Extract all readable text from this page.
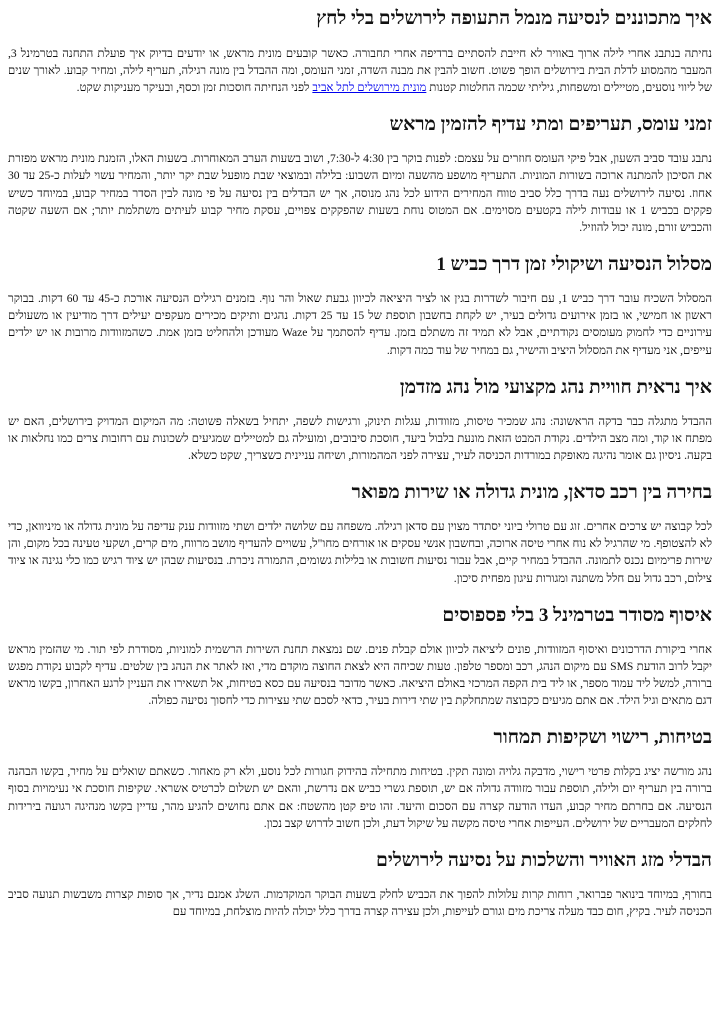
איך מתכוננים לנסיעה מנמל התעופה לירושלים בלי לחץ

נחיתה בנתבג אחרי לילה ארוך באוויר לא חייבת להסתיים ברדיפה אחרי תחבורה. כאשר קובעים מונית מראש, או יודעים בדיוק איך פועלת התחנה בטרמינל 3, המעבר מהמסוע לדלת הבית בירושלים הופך פשוט. חשוב להבין את מבנה השדה, זמני העומס, ומה ההבדל בין מונה רגילה, תעריף לילה, ומחיר קבוע. לאורך שנים של ליווי נוסעים, מטיילים ומשפחות, גיליתי שכמה החלטות קטנות מונית מירושלים לתל אביב לפני הנחיתה חוסכות זמן וכסף, ובעיקר מעניקות שקט.

זמני עומס, תעריפים ומתי עדיף להזמין מראש

נתבג עובד סביב השעון, אבל פיקי העומס חוזרים על עצמם: לפנות בוקר בין 4:30 ל-7:30, ושוב בשעות הערב המאוחרות. בשעות האלו, הזמנת מונית מראש מפזרת את הסיכון להמתנה ארוכה בשורות המוניות. התעריף מושפע מהשעה ומיום השבוע: בלילה ובמוצאי שבת מופעל שבת יקר יותר, והמחיר עשוי לעלות כ-25 עד 30 אחוז. נסיעה לירושלים נעה בדרך כלל סביב טווח המחירים הידוע לכל נהג מנוסה, אך יש הבדלים בין נסיעה על פי מונה לבין הסדר במחיר קבוע, במיוחד כשיש פקקים בכביש 1 או עבודות לילה בקטעים מסוימים. אם המטוס נוחת בשעות שהפקקים צפויים, עסקת מחיר קבוע לעיתים משתלמת יותר; אם השעה שקטה והכביש זורם, מונה יכול להוזיל.

מסלול הנסיעה ושיקולי זמן דרך כביש 1

המסלול השכיח עובר דרך כביש 1, עם חיבור לשדרות בגין או לציר היציאה לכיוון גבעת שאול והר נוף. בזמנים רגילים הנסיעה אורכת כ-45 עד 60 דקות. בבוקר ראשון או חמישי, או בזמן אירועים גדולים בעיר, יש לקחת בחשבון תוספת של 15 עד 25 דקות. נהגים ותיקים מכירים מעקפים יעילים דרך מודיעין או משעולים עירוניים כדי לחמוק מעומסים נקודתיים, אבל לא תמיד זה משתלם בזמן. עדיף להסתמך על Waze מעודכן ולהחליט בזמן אמת. כשהמזוודות מרובות או יש ילדים עייפים, אני מעדיף את המסלול היציב והישיר, גם במחיר של עוד כמה דקות.

איך נראית חוויית נהג מקצועי מול נהג מזדמן

ההבדל מתגלה כבר בדקה הראשונה: נהג שמכיר טיסות, מזוודות, עגלות תינוק, ורגישות לשפה, יתחיל בשאלה פשוטה: מה המיקום המדויק בירושלים, האם יש מפתח או קוד, ומה מצב הילדים. נקודת המבט הזאת מונעת בלבול ביעד, חוסכת סיבובים, ומועילה גם למטיילים שמגיעים לשכונות עם רחובות צרים כמו נחלאות או בקעה. ניסיון גם אומר נהיגה מאופקת במורדות הכניסה לעיר, עצירה לפני המהמורות, ושיחה עניינית כשצריך, שקט כשלא.

בחירה בין רכב סדאן, מונית גדולה או שירות מפואר

לכל קבוצה יש צרכים אחרים. זוג עם טרולי ביוני יסתדר מצוין עם סדאן רגילה. משפחה עם שלושה ילדים ושתי מזוודות ענק עדיפה על מונית גדולה או מיניוואן, כדי לא להצטופף. מי שהרגיל לא נוח אחרי טיסה ארוכה, ובחשבון אנשי עסקים או אורחים מחו"ל, עשויים להעדיף מושב מרווח, מים קרים, ושקעי טעינה בכל מקום, והן שירות פרימיום נכנס לתמונה. ההבדל במחיר קיים, אבל עבור נסיעות חשובות או בלילות גשומים, התמורה ניכרת. בנסיעות שבהן יש ציוד רגיש כמו כלי נגינה או ציוד צילום, רכב גדול עם חלל משתנה ומגורות עיגון מפחית סיכון.

איסוף מסודר בטרמינל 3 בלי פספוסים

אחרי ביקורת הדרכונים ואיסוף המזוודות, פונים ליציאה לכיוון אולם קבלת פנים. שם נמצאת תחנת השירות הרשמית למוניות, מסודרת לפי תור. מי שהזמין מראש יקבל לרוב הודעת SMS עם מיקום הנהג, רכב ומספר טלפון. טעות שכיחה היא לצאת החוצה מוקדם מדי, ואז לאתר את הנהג בין שלטים. עדיף לקבוע נקודת מפגש ברורה, למשל ליד עמוד מספר, או ליד בית הקפה המרכזי באולם היציאה. כאשר מדובר בנסיעה עם כסא בטיחות, אל תשאירו את העניין לרגע האחרון, בקשו מראש דגם מתאים וגיל הילד. אם אתם מגיעים כקבוצה שמתחלקת בין שתי דירות בעיר, כדאי לסכם שתי עצירות כדי לחסוך נסיעה כפולה.

בטיחות, רישוי ושקיפות תמחור

נהג מורשה יציג בקלות פרטי רישוי, מדבקה גלויה ומונה תקין. בטיחות מתחילה בהידוק חגורות לכל נוסע, ולא רק מאחור. כשאתם שואלים על מחיר, בקשו הבהנה ברורה בין תעריף יום ולילה, תוספת עבור מזוודה גדולה אם יש, תוספת גשרי כביש אם נדרשת, והאם יש תשלום לכרטיס אשראי. שקיפות חוסכת אי נעימויות בסוף הנסיעה. אם בחרתם מחיר קבוע, העדו הודעה קצרה עם הסכום והיעד. זהו טיפ קטן מהשטח: אם אתם נחושים להגיע מהר, עדיין בקשו מנהיגה רגועה בירידות לחלקים המעבריים של ירושלים. העייפות אחרי טיסה מקשה על שיקול דעת, ולכן חשוב לדרוש קצב נכון.

הבדלי מזג האוויר והשלכות על נסיעה לירושלים

בחורף, במיוחד בינואר פברואר, רוחות קרות עלולות להפוך את הכביש לחלק בשעות הבוקר המוקדמות. השלג אמנם נדיר, אך סופות קצרות משבשות תנועה סביב הכניסה לעיר. בקיץ, חום כבד מעלה צריכת מים וגורם לעייפות, ולכן עצירה קצרה בדרך כלל יכולה להיות מוצלחת, במיוחד עם
